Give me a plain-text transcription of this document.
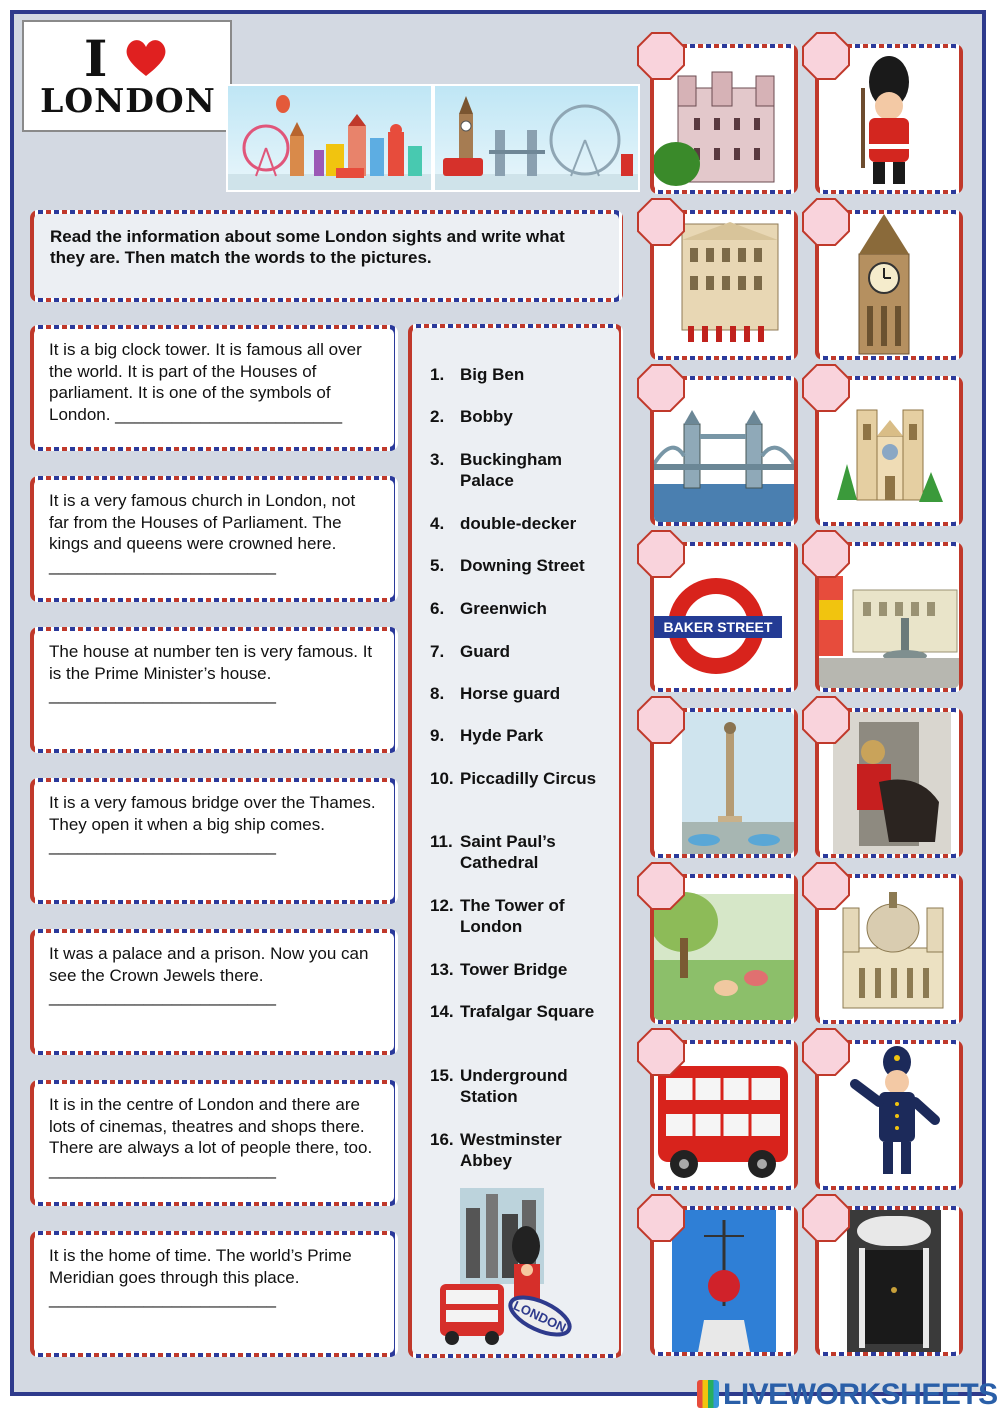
I
LONDON
Read the information about some London sights and write what they are. Then match the words to the pictures.
It is a big clock tower. It is famous all over the world. It is part of the Houses of parliament. It is one of the symbols of London. ________________________
It is a very famous church in London, not far from the Houses of Parliament. The kings and queens were crowned here. ________________________
The house at number ten is very famous. It is the Prime Minister’s house. ________________________
It is a very famous bridge over the Thames. They open it when a big ship comes. ________________________
It was a palace and a prison. Now you can see the Crown Jewels there. ________________________
It is in the centre of London and there are lots of cinemas, theatres and shops there. There are always a lot of people there, too. ________________________
It is the home of time. The world’s Prime Meridian goes through this place. ________________________
1. Big Ben
2. Bobby
3. Buckingham Palace
4. double-decker
5. Downing Street
6. Greenwich
7. Guard
8. Horse guard
9. Hyde Park
10. Piccadilly Circus
11. Saint Paul’s Cathedral
12. The Tower of London
13. Tower Bridge
14. Trafalgar Square
15. Underground Station
16. Westminster Abbey
LONDON
BAKER STREET
LIVEWORKSHEETS
